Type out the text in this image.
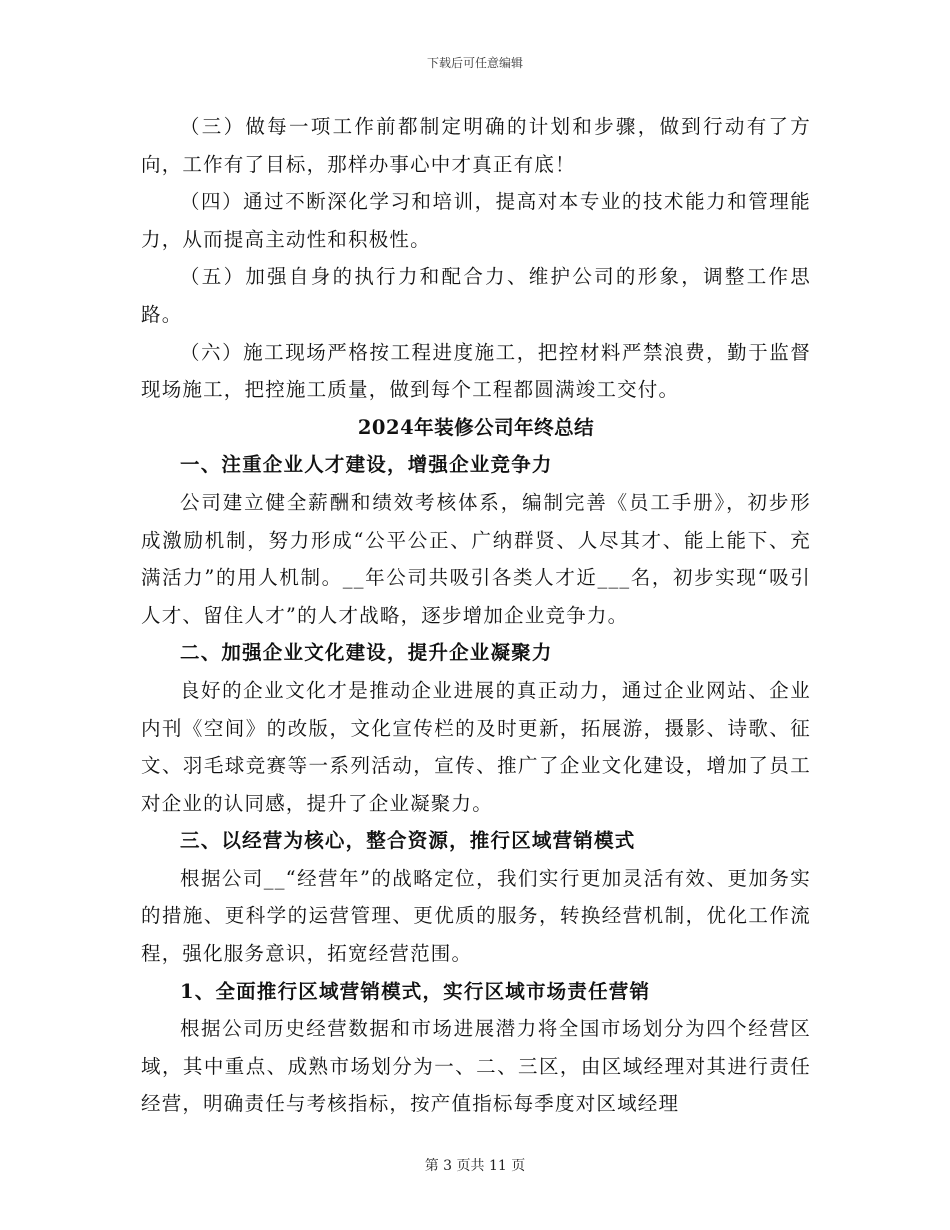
下载后可任意编辑

（三）做每一项工作前都制定明确的计划和步骤，做到行动有了方向，工作有了目标，那样办事心中才真正有底！

（四）通过不断深化学习和培训，提高对本专业的技术能力和管理能力，从而提高主动性和积极性。

（五）加强自身的执行力和配合力、维护公司的形象，调整工作思路。

（六）施工现场严格按工程进度施工，把控材料严禁浪费，勤于监督现场施工，把控施工质量，做到每个工程都圆满竣工交付。

2024年装修公司年终总结
一、注重企业人才建设，增强企业竞争力

公司建立健全薪酬和绩效考核体系，编制完善《员工手册》，初步形成激励机制，努力形成“公平公正、广纳群贤、人尽其才、能上能下、充满活力”的用人机制。__年公司共吸引各类人才近___名，初步实现“吸引人才、留住人才”的人才战略，逐步增加企业竞争力。

二、加强企业文化建设，提升企业凝聚力

良好的企业文化才是推动企业进展的真正动力，通过企业网站、企业内刊《空间》的改版，文化宣传栏的及时更新，拓展游，摄影、诗歌、征文、羽毛球竞赛等一系列活动，宣传、推广了企业文化建设，增加了员工对企业的认同感，提升了企业凝聚力。

三、以经营为核心，整合资源，推行区域营销模式

根据公司__“经营年”的战略定位，我们实行更加灵活有效、更加务实的措施、更科学的运营管理、更优质的服务，转换经营机制，优化工作流程，强化服务意识，拓宽经营范围。

1、全面推行区域营销模式，实行区域市场责任营销

根据公司历史经营数据和市场进展潜力将全国市场划分为四个经营区域，其中重点、成熟市场划分为一、二、三区，由区域经理对其进行责任经营，明确责任与考核指标，按产值指标每季度对区域经理

第 3 页共 11 页
